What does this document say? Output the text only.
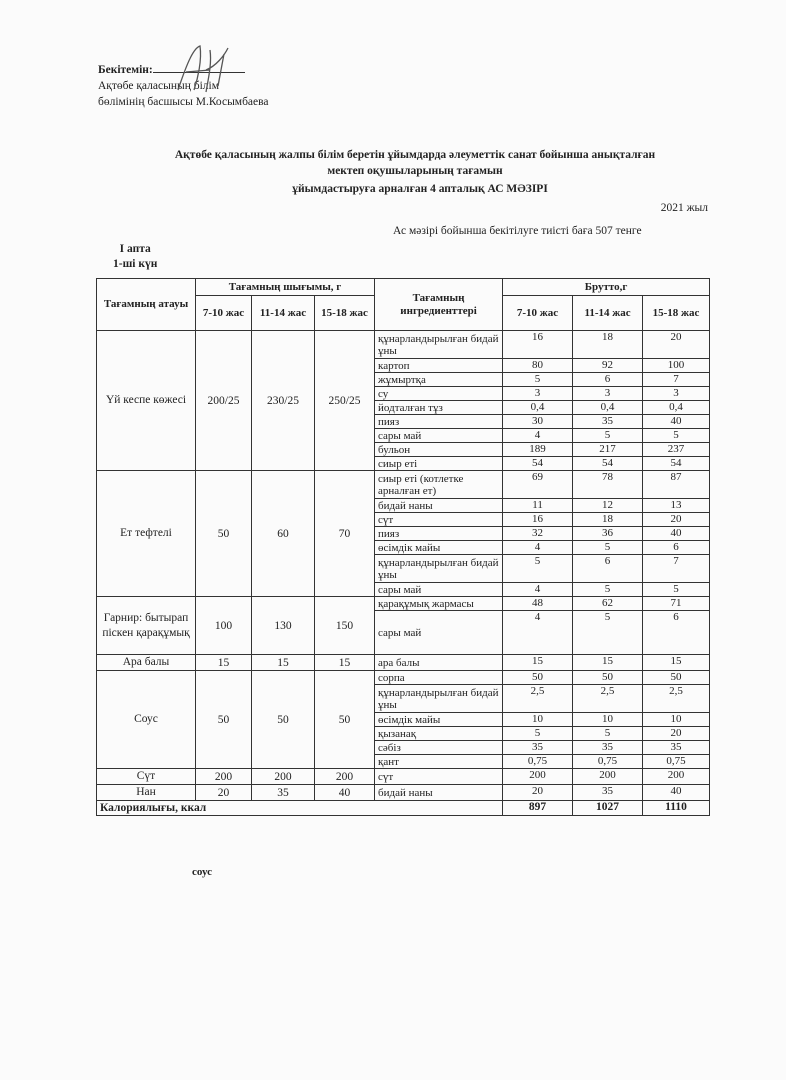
Бекітемін:
Ақтөбе қаласының білім
бөлімінің басшысы М.Косымбаева
Ақтөбе қаласының жалпы білім беретін ұйымдарда әлеуметтік санат бойынша анықталған
мектеп оқушыларының тағамын
ұйымдастыруға арналған 4 апталық АС МӘЗІРІ
2021 жыл
Ас мәзірі бойынша бекітілуге тиісті баға 507 тенге
І апта
1-ші күн
Тағамның атауы	Тағамның шығымы, г			Тағамның ингредиенттері	Брутто,г		
	7-10 жас	11-14 жас	15-18 жас		7-10 жас	11-14 жас	15-18 жас
Үй кеспе көжесі	200/25	230/25	250/25	құнарландырылған бидай ұны	16	18	20
				картоп	80	92	100
				жұмыртқа	5	6	7
				су	3	3	3
				йодталған тұз	0,4	0,4	0,4
				пияз	30	35	40
				сары май	4	5	5
				бульон	189	217	237
				сиыр еті	54	54	54
Ет тефтелі	50	60	70	сиыр еті (котлетке арналған ет)	69	78	87
				бидай наны	11	12	13
				сүт	16	18	20
				пияз	32	36	40
				өсімдік майы	4	5	6
				құнарландырылған бидай ұны	5	6	7
				сары май	4	5	5
Гарнир: бытырап піскен қарақұмық	100	130	150	қарақұмық жармасы	48	62	71
				сары май	4	5	6
Ара балы	15	15	15	ара балы	15	15	15
Соус	50	50	50	сорпа	50	50	50
				құнарландырылған бидай ұны	2,5	2,5	2,5
				өсімдік майы	10	10	10
				қызанақ	5	5	20
				сәбіз	35	35	35
				қант	0,75	0,75	0,75
Сүт	200	200	200	сүт	200	200	200
Нан	20	35	40	бидай наны	20	35	40
Калориялығы, ккал					897	1027	1110
соус
